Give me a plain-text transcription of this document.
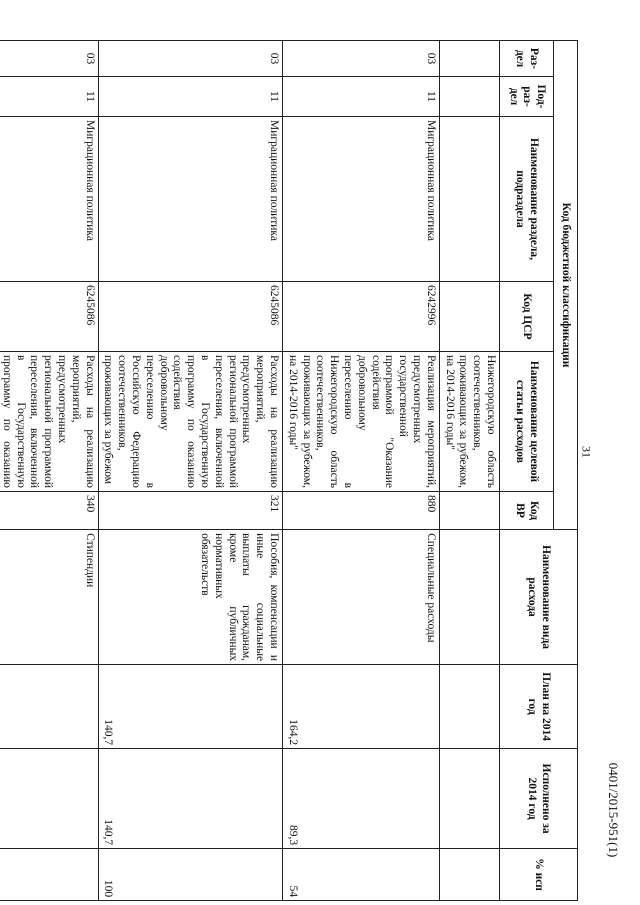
31
0401/2015-951(1)
Код бюджетной классификации						Наименование вида расхода	План на 2014 год	Исполнено за 2014 год	% исп
Раз-дел	Под-раз-дел	Наименование раздела, подраздела	Код ЦСР	Наименование целевой статьи расходов	Код ВР				
				Нижегородскую область соотечественников, проживающих за рубежом, на 2014-2016 годы"					
03	11	Миграционная политика	6242996	Реализация мероприятий, предусмотренных государственной программой "Оказание содействия добровольному переселению в Нижегородскую область соотечественников, проживающих за рубежом, на 2014-2016 годы"	880	Специальные расходы	164,2	89,3	54
03	11	Миграционная политика	6245086	Расходы на реализацию мероприятий, предусмотренных региональной программой переселения, включенной в Государственную программу по оказанию содействия добровольному переселению в Российскую Федерацию соотечественников, проживающих за рубежом	321	Пособия, компенсации и иные социальные выплаты гражданам, кроме публичных нормативных обязательств	140,7	140,7	100
03	11	Миграционная политика	6245086	Расходы на реализацию мероприятий, предусмотренных региональной программой переселения, включенной в Государственную программу по оказанию	340	Стипендии			
